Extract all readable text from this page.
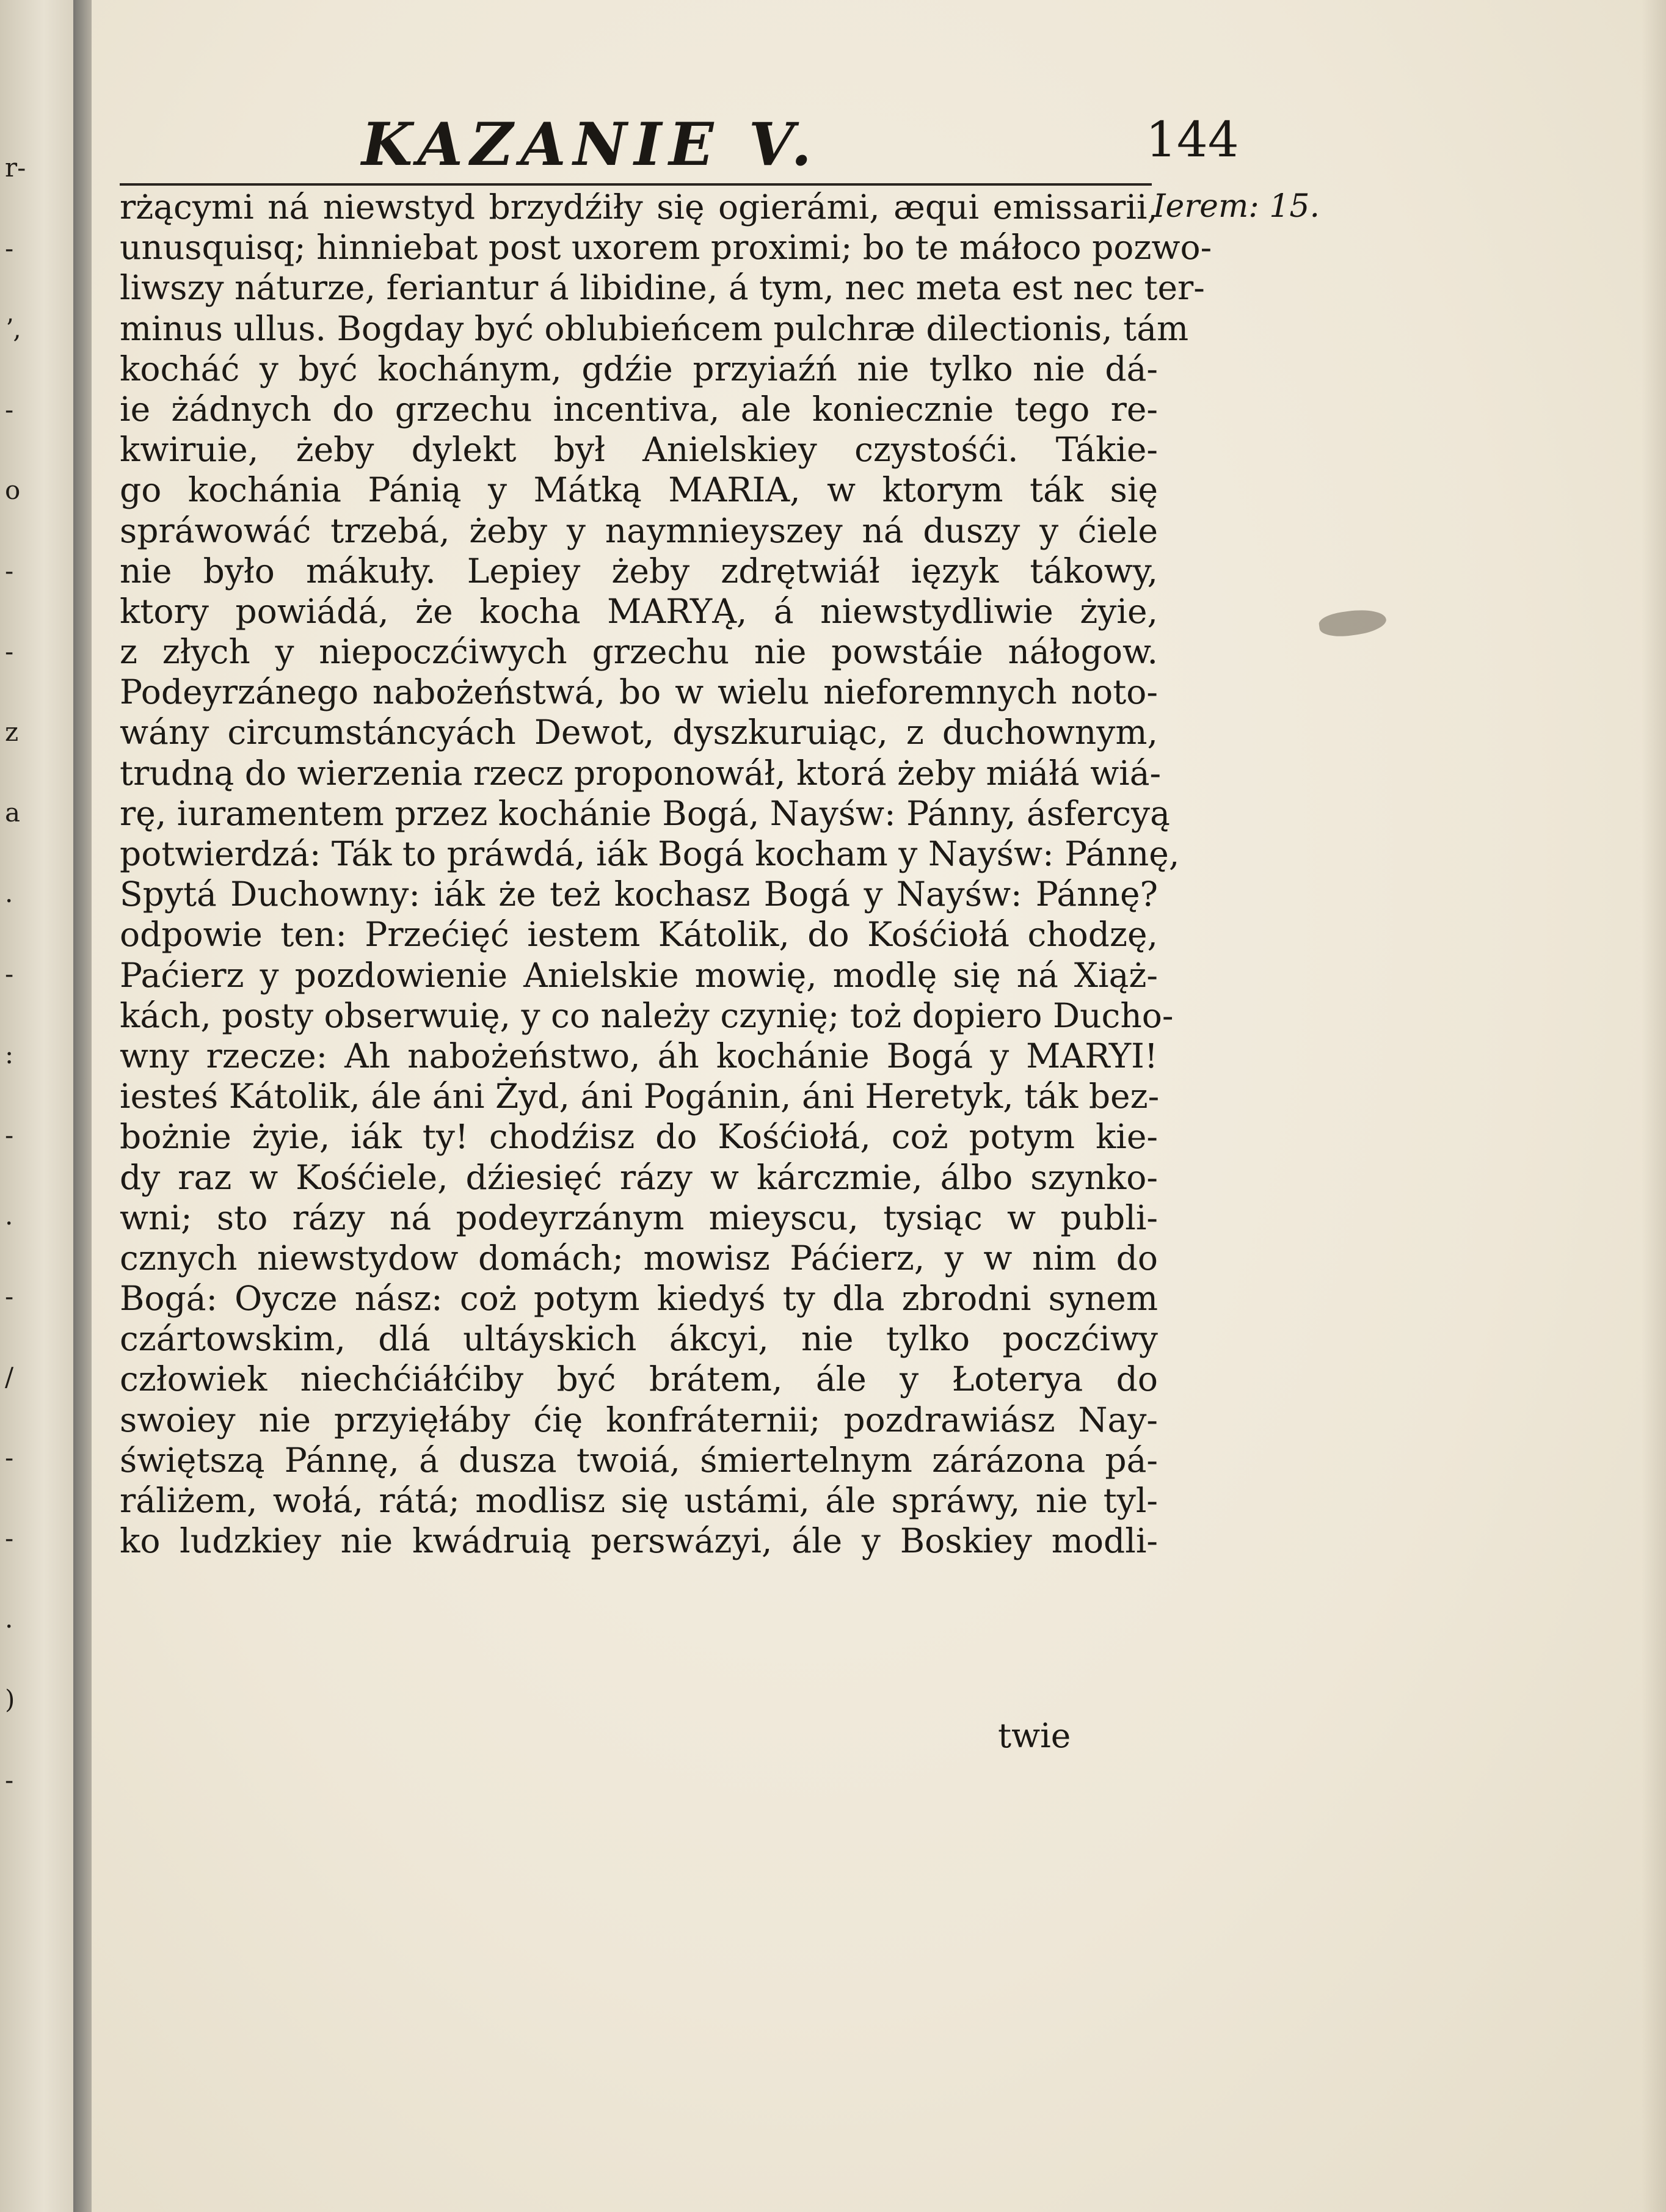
r-
-
ʼ,
-
o
-
-
z
a
.
-
:
-
.
-
/
-
-
.
)
-
KAZANIE V.	144
Ierem: 15.
rżącymi ná niewstyd brzydźiły się ogierámi, æqui emissarii,
unusquisq; hinniebat post uxorem proximi; bo te máłoco pozwo-
liwszy náturze, feriantur á libidine, á tym, nec meta est nec ter-
minus ullus. Bogday być oblubieńcem pulchræ dilectionis, tám
kocháć y być kochánym, gdźie przyiaźń nie tylko nie dá-
ie żádnych do grzechu incentiva, ale koniecznie tego re-
kwiruie, żeby dylekt był Anielskiey czystośći. Tákie-
go kochánia Pánią y Mátką MARIA, w ktorym ták się
spráwowáć trzebá, żeby y naymnieyszey ná duszy y ćiele
nie było mákuły. Lepiey żeby zdrętwiáł ięzyk tákowy,
ktory powiádá, że kocha MARYĄ, á niewstydliwie żyie,
z złych y niepoczćiwych grzechu nie powstáie náłogow.
Podeyrzánego nabożeństwá, bo w wielu nieforemnych noto-
wány circumstáncyách Dewot, dyszkuruiąc, z duchownym,
trudną do wierzenia rzecz proponowáł, ktorá żeby miáłá wiá-
rę, iuramentem przez kochánie Bogá, Nayśw: Pánny, ásfercyą
potwierdzá: Ták to práwdá, iák Bogá kocham y Nayśw: Pánnę,
Spytá Duchowny: iák że też kochasz Bogá y Nayśw: Pánnę?
odpowie ten: Przećięć iestem Kátolik, do Kośćiołá chodzę,
Paćierz y pozdowienie Anielskie mowię, modlę się ná Xiąż-
kách, posty obserwuię, y co należy czynię; toż dopiero Ducho-
wny rzecze: Ah nabożeństwo, áh kochánie Bogá y MARYI!
iesteś Kátolik, ále áni Żyd, áni Pogánin, áni Heretyk, ták bez-
bożnie żyie, iák ty! chodźisz do Kośćiołá, coż potym kie-
dy raz w Kośćiele, dźiesięć rázy w kárczmie, álbo szynko-
wni; sto rázy ná podeyrzánym mieyscu, tysiąc w publi-
cznych niewstydow domách; mowisz Páćierz, y w nim do
Bogá: Oycze nász: coż potym kiedyś ty dla zbrodni synem
czártowskim, dlá ultáyskich ákcyi, nie tylko poczćiwy
człowiek niechćiáłćiby być brátem, ále y Łoterya do
swoiey nie przyięłáby ćię konfráternii; pozdrawiász Nay-
świętszą Pánnę, á dusza twoiá, śmiertelnym zárázona pá-
ráliżem, wołá, rátá; modlisz się ustámi, ále spráwy, nie tyl-
ko ludzkiey nie kwádruią perswázyi, ále y Boskiey modli-
twie
